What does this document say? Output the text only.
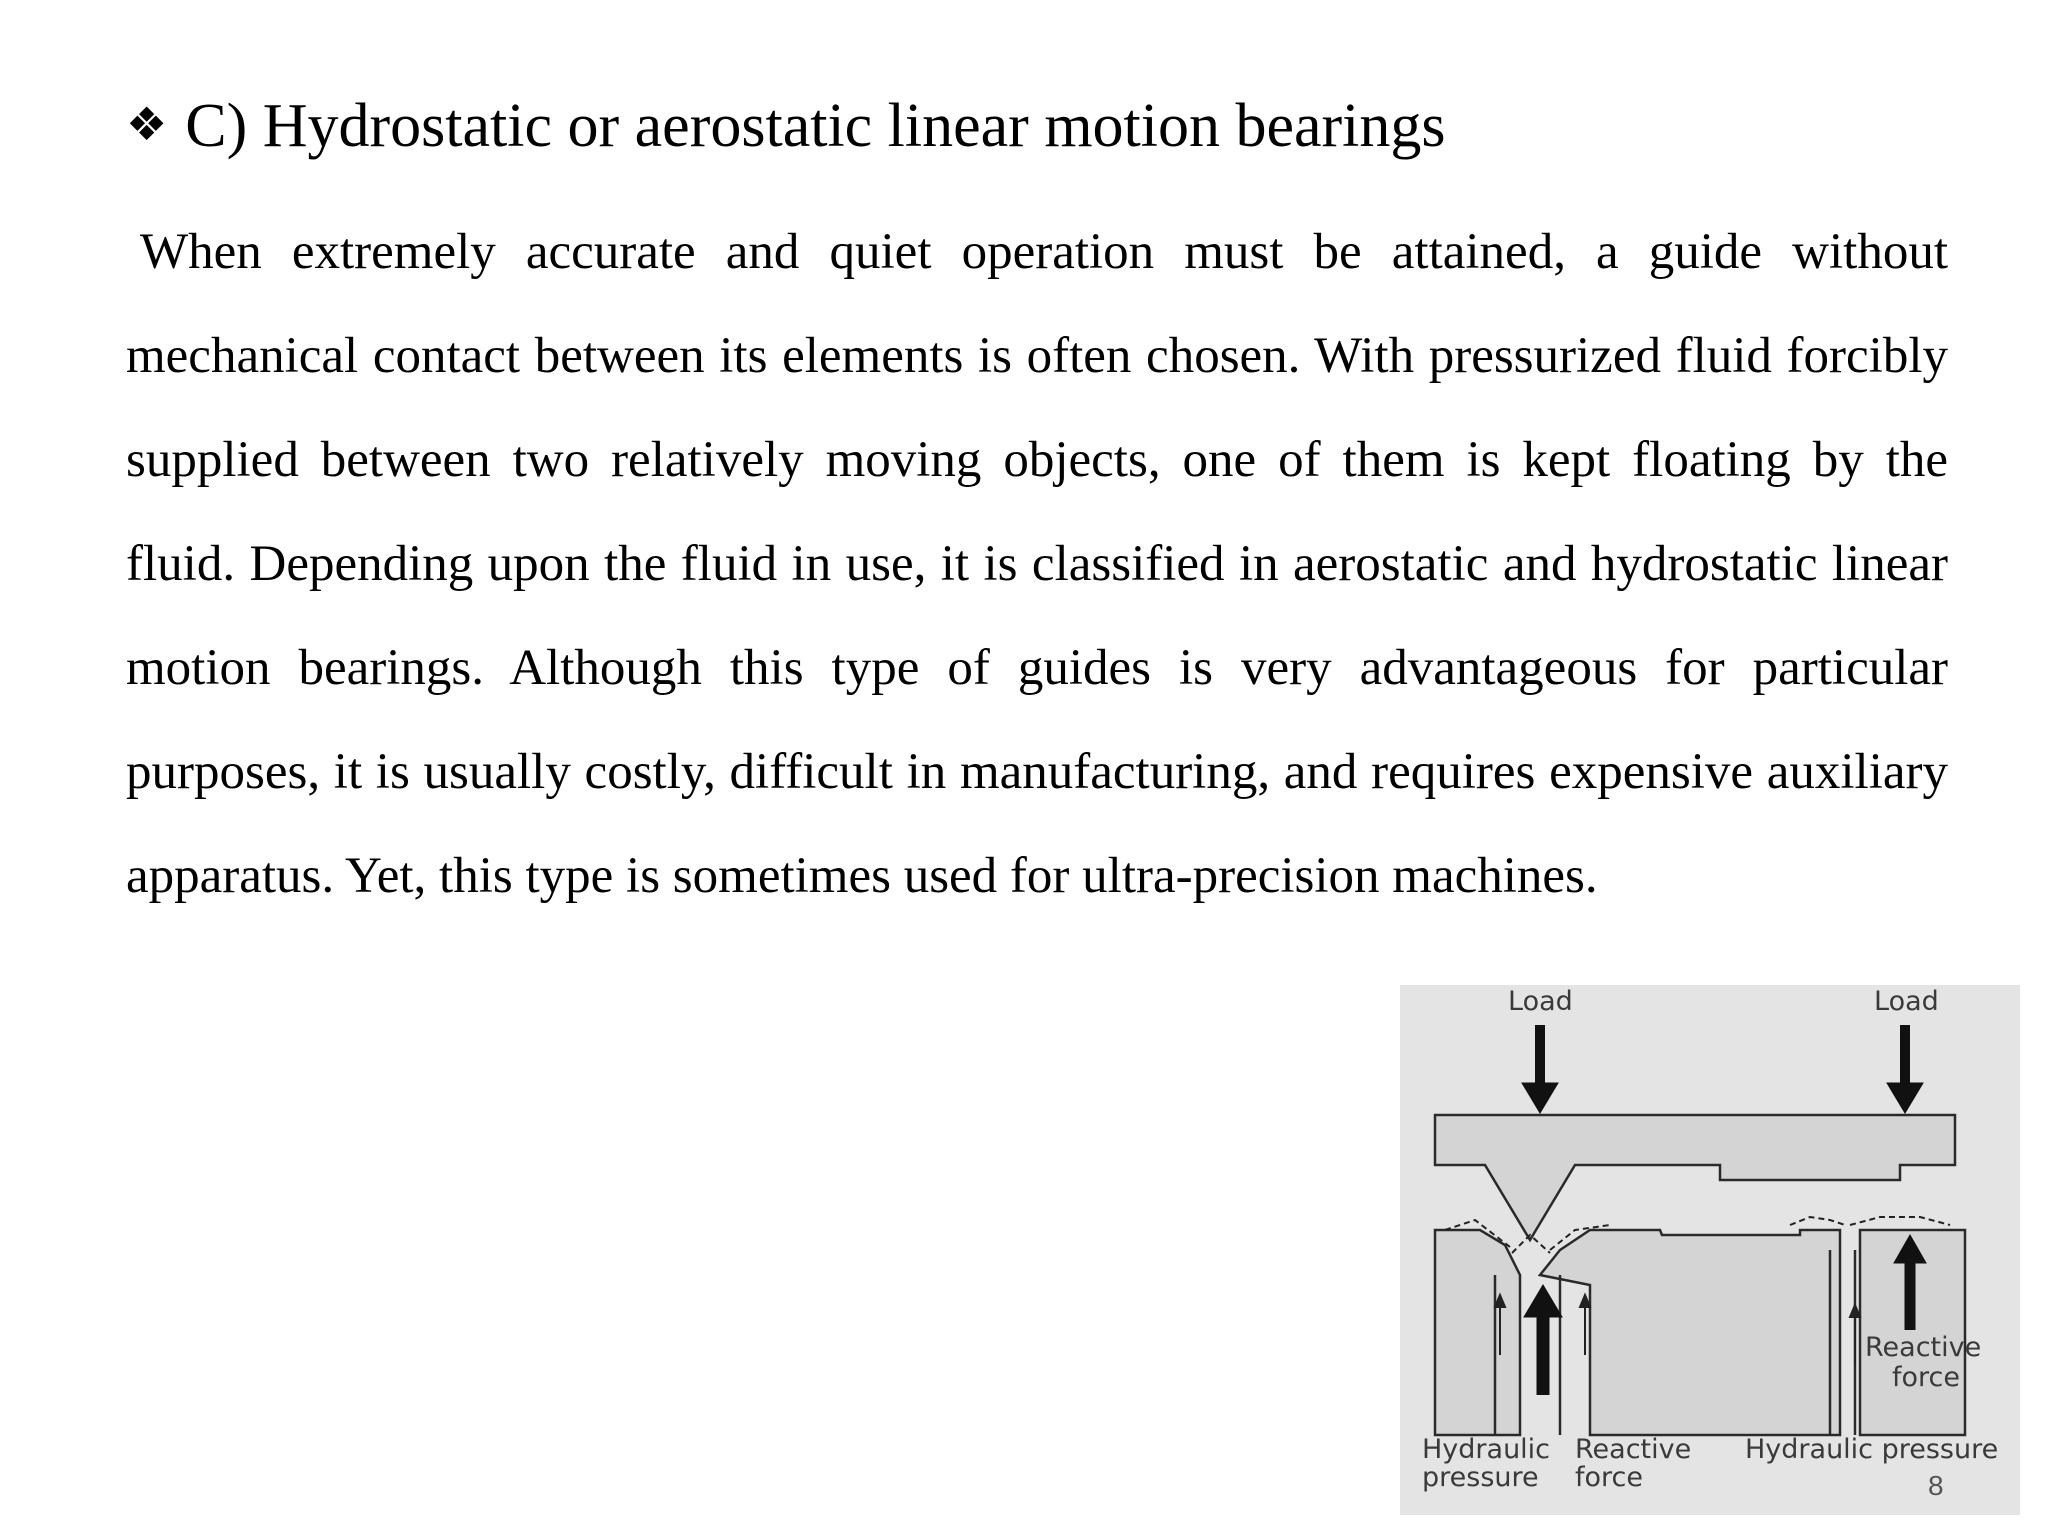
❖ C) Hydrostatic or aerostatic linear motion bearings
When extremely accurate and quiet operation must be attained, a guide without mechanical contact between its elements is often chosen. With pressurized fluid forcibly supplied between two relatively moving objects, one of them is kept floating by the fluid. Depending upon the fluid in use, it is classified in aerostatic and hydrostatic linear motion bearings. Although this type of guides is very advantageous for particular purposes, it is usually costly, difficult in manufacturing, and requires expensive auxiliary apparatus. Yet, this type is sometimes used for ultra-precision machines.
Load	Load
Reactive
force
Hydraulic
pressure
Reactive
force
Hydraulic pressure
8
